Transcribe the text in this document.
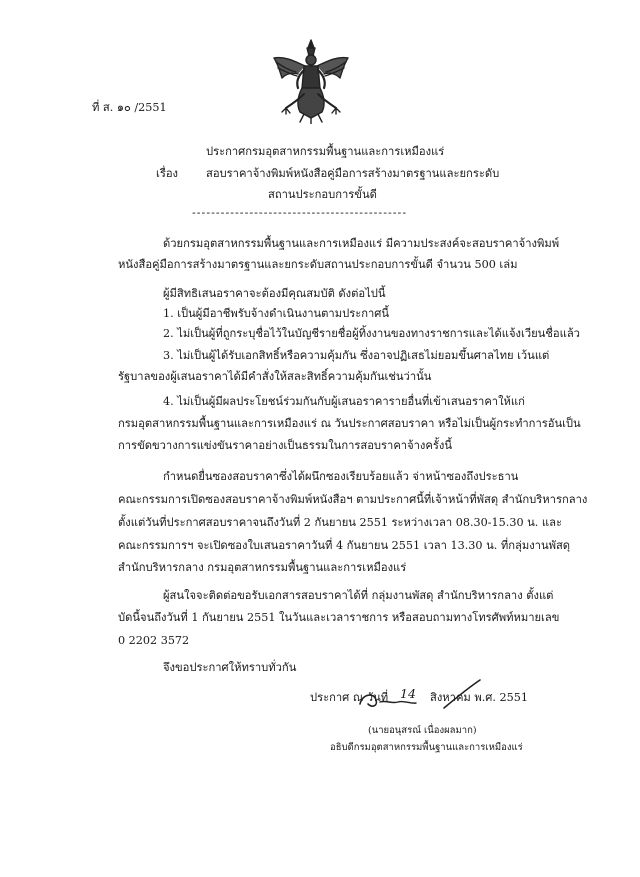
ที่ ส. ๑๐ /2551
ประกาศกรมอุตสาหกรรมพื้นฐานและการเหมืองแร่
เรื่อง สอบราคาจ้างพิมพ์หนังสือคู่มือการสร้างมาตรฐานและยกระดับ
สถานประกอบการขั้นดี
---------------------------------------------
ด้วยกรมอุตสาหกรรมพื้นฐานและการเหมืองแร่ มีความประสงค์จะสอบราคาจ้างพิมพ์
หนังสือคู่มือการสร้างมาตรฐานและยกระดับสถานประกอบการขั้นดี จำนวน 500 เล่ม
ผู้มีสิทธิเสนอราคาจะต้องมีคุณสมบัติ ดังต่อไปนี้
1. เป็นผู้มีอาชีพรับจ้างดำเนินงานตามประกาศนี้
2. ไม่เป็นผู้ที่ถูกระบุชื่อไว้ในบัญชีรายชื่อผู้ทิ้งงานของทางราชการและได้แจ้งเวียนชื่อแล้ว
3. ไม่เป็นผู้ได้รับเอกสิทธิ์หรือความคุ้มกัน ซึ่งอาจปฏิเสธไม่ยอมขึ้นศาลไทย เว้นแต่
รัฐบาลของผู้เสนอราคาได้มีคำสั่งให้สละสิทธิ์ความคุ้มกันเช่นว่านั้น
4. ไม่เป็นผู้มีผลประโยชน์ร่วมกันกับผู้เสนอราคารายอื่นที่เข้าเสนอราคาให้แก่
กรมอุตสาหกรรมพื้นฐานและการเหมืองแร่ ณ วันประกาศสอบราคา หรือไม่เป็นผู้กระทำการอันเป็น
การขัดขวางการแข่งขันราคาอย่างเป็นธรรมในการสอบราคาจ้างครั้งนี้
กำหนดยื่นซองสอบราคาซึ่งได้ผนึกซองเรียบร้อยแล้ว จ่าหน้าซองถึงประธาน
คณะกรรมการเปิดซองสอบราคาจ้างพิมพ์หนังสือฯ ตามประกาศนี้ที่เจ้าหน้าที่พัสดุ สำนักบริหารกลาง
ตั้งแต่วันที่ประกาศสอบราคาจนถึงวันที่ 2 กันยายน 2551 ระหว่างเวลา 08.30-15.30 น. และ
คณะกรรมการฯ จะเปิดซองใบเสนอราคาวันที่ 4 กันยายน 2551 เวลา 13.30 น. ที่กลุ่มงานพัสดุ
สำนักบริหารกลาง กรมอุตสาหกรรมพื้นฐานและการเหมืองแร่
ผู้สนใจจะติดต่อขอรับเอกสารสอบราคาได้ที่ กลุ่มงานพัสดุ สำนักบริหารกลาง ตั้งแต่
บัดนี้จนถึงวันที่ 1 กันยายน 2551 ในวันและเวลาราชการ หรือสอบถามทางโทรศัพท์หมายเลข
0 2202 3572
จึงขอประกาศให้ทราบทั่วกัน
ประกาศ ณ วันที่ 14 สิงหาคม พ.ศ. 2551
(นายอนุสรณ์ เนื่องผลมาก)
อธิบดีกรมอุตสาหกรรมพื้นฐานและการเหมืองแร่
